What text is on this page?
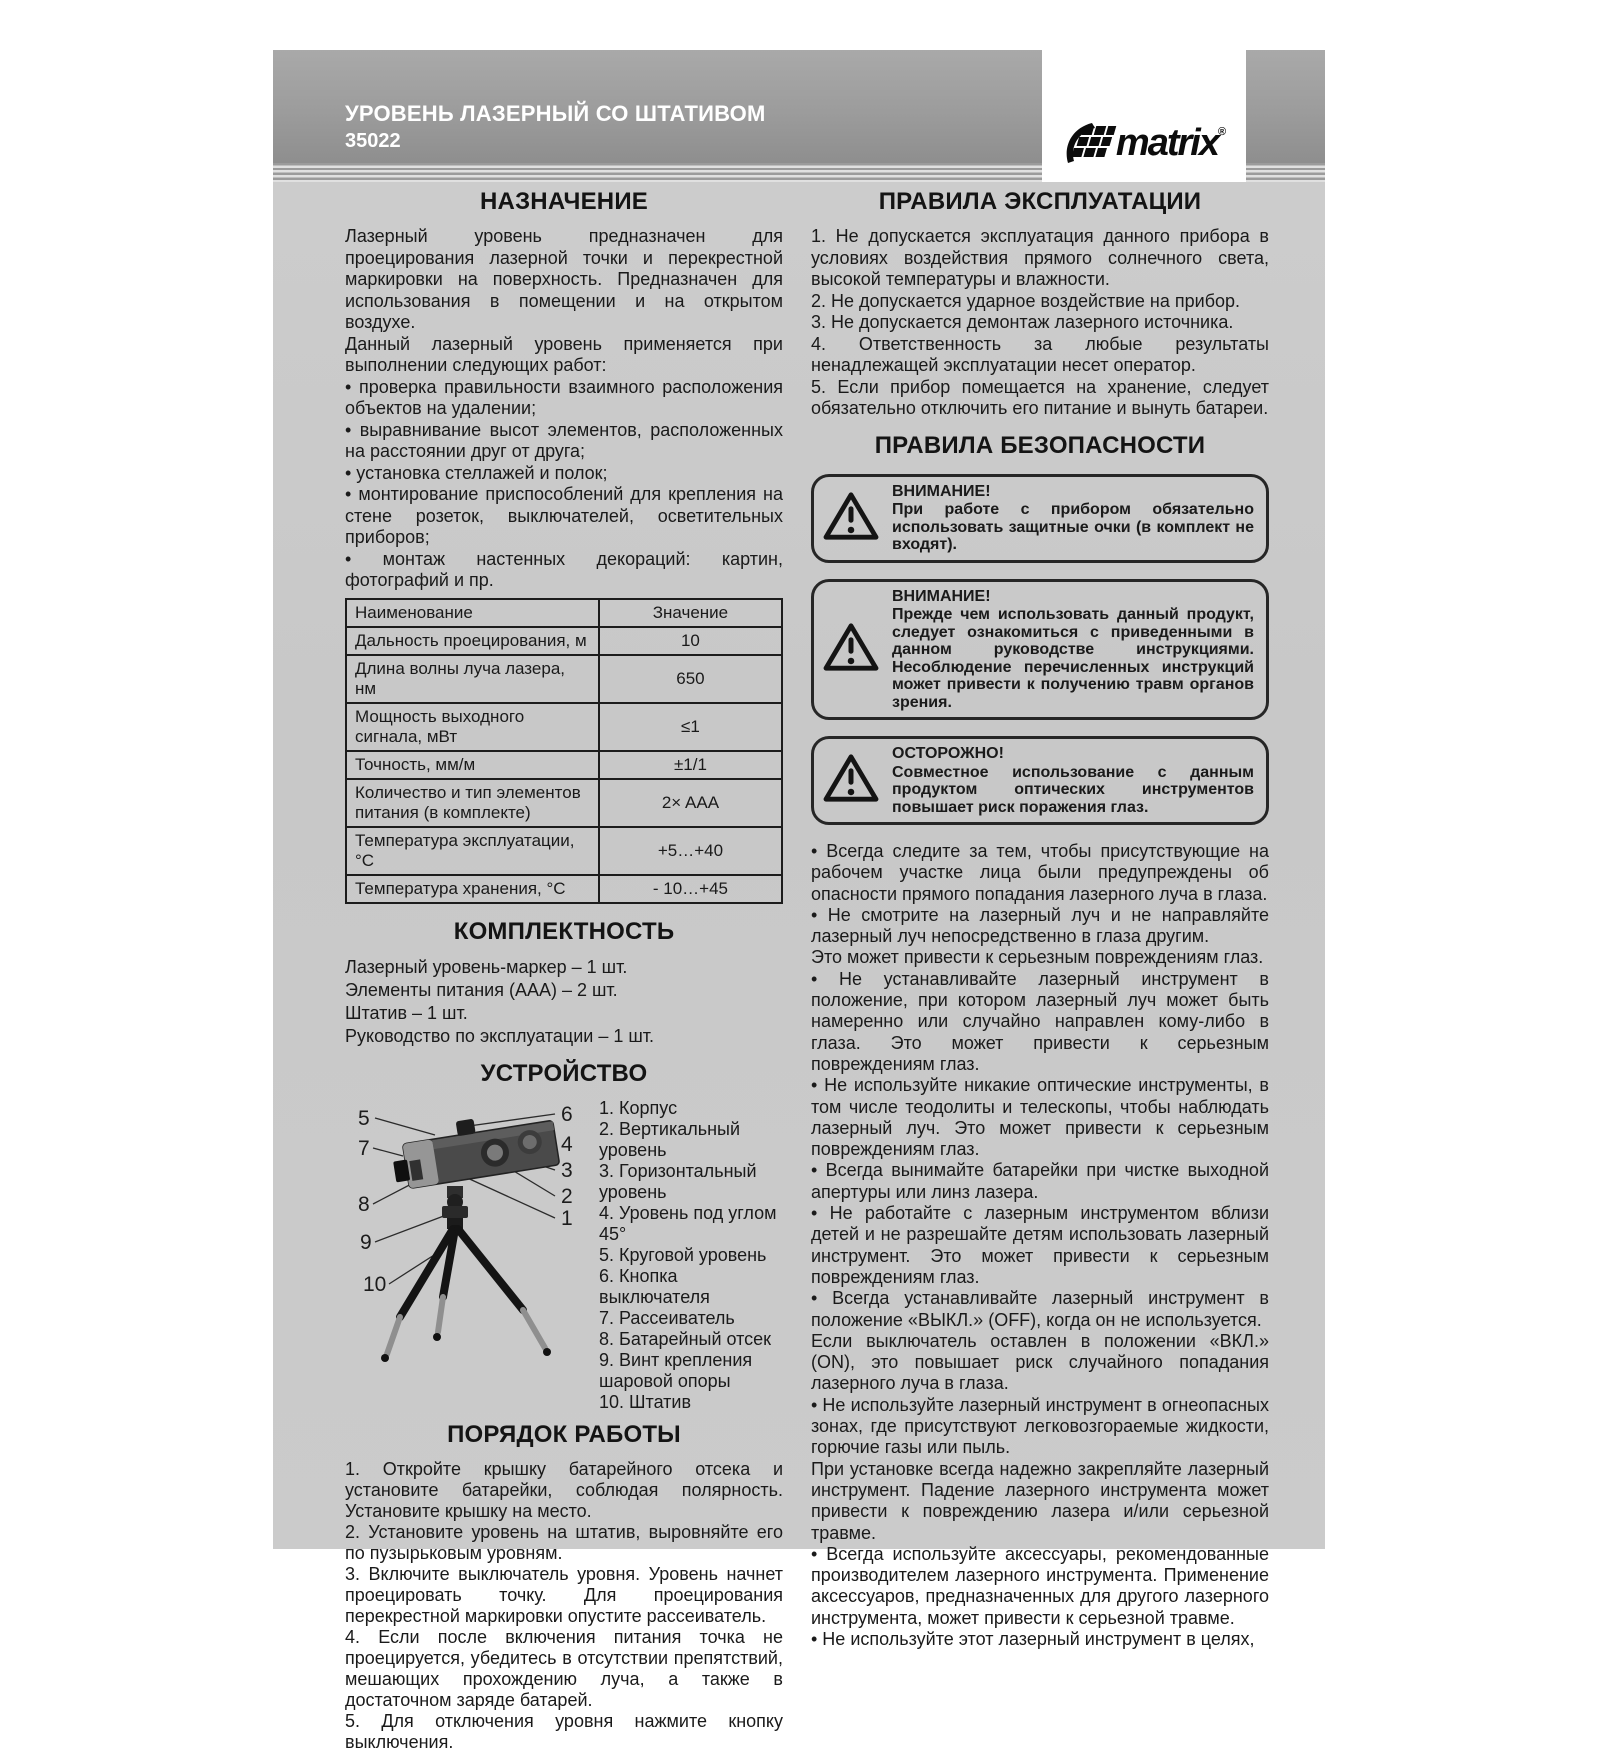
УРОВЕНЬ ЛАЗЕРНЫЙ СО ШТАТИВОМ
35022	matrix ®
НАЗНАЧЕНИЕ

Лазерный уровень предназначен для проецирования лазерной точки и перекрестной маркировки на поверхность. Предназначен для использования в помещении и на открытом воздухе.

Данный лазерный уровень применяется при выполнении следующих работ:

• проверка правильности взаимного расположения объектов на удалении;

• выравнивание высот элементов, расположенных на расстоянии друг от друга;

• установка стеллажей и полок;

• монтирование приспособлений для крепления на стене розеток, выключателей, осветительных приборов;

• монтаж настенных декораций: картин, фотографий и пр.

Наименование	Значение
Дальность проецирования, м	10
Длина волны луча лазера, нм	650
Мощность выходного сигнала, мВт	≤1
Точность, мм/м	±1/1
Количество и тип элементов питания (в комплекте)	2× AAA
Температура эксплуатации, °С	+5…+40
Температура хранения, °С	- 10…+45
КОМПЛЕКТНОСТЬ

Лазерный уровень-маркер – 1 шт.

Элементы питания (AAA) – 2 шт.

Штатив – 1 шт.

Руководство по эксплуатации – 1 шт.

УСТРОЙСТВО
5
7
8
9
10
6
4
3
2
1

1. Корпус

2. Вертикальный уровень

3. Горизонтальный уровень

4. Уровень под углом 45°

5. Круговой уровень

6. Кнопка выключателя

7. Рассеиватель

8. Батарейный отсек

9. Винт крепления шаровой опоры

10. Штатив

ПОРЯДОК РАБОТЫ

1. Откройте крышку батарейного отсека и установите батарейки, соблюдая полярность. Установите крышку на место.

2. Установите уровень на штатив, выровняйте его по пузырьковым уровням.

3. Включите выключатель уровня. Уровень начнет проецировать точку. Для проецирования перекрестной маркировки опустите рассеиватель.

4. Если после включения питания точка не проецируется, убедитесь в отсутствии препятствий, мешающих прохождению луча, а также в достаточном заряде батарей.

5. Для отключения уровня нажмите кнопку выключения.

ПРАВИЛА ЭКСПЛУАТАЦИИ

1. Не допускается эксплуатация данного прибора в условиях воздействия прямого солнечного света, высокой температуры и влажности.

2. Не допускается ударное воздействие на прибор.

3. Не допускается демонтаж лазерного источника.

4. Ответственность за любые результаты ненадлежащей эксплуатации несет оператор.

5. Если прибор помещается на хранение, следует обязательно отключить его питание и вынуть батареи.

ПРАВИЛА БЕЗОПАСНОСТИ
ВНИМАНИЕ!
При работе с прибором обязательно использовать защитные очки (в комплект не входят).
ВНИМАНИЕ!
Прежде чем использовать данный продукт, следует ознакомиться с приведенными в данном руководстве инструкциями. Несоблюдение перечисленных инструкций может привести к получению травм органов зрения.
ОСТОРОЖНО!
Совместное использование с данным продуктом оптических инструментов повышает риск поражения глаз.

• Всегда следите за тем, чтобы присутствующие на рабочем участке лица были предупреждены об опасности прямого попадания лазерного луча в глаза.

• Не смотрите на лазерный луч и не направляйте лазерный луч непосредственно в глаза другим.

Это может привести к серьезным повреждениям глаз.

• Не устанавливайте лазерный инструмент в положение, при котором лазерный луч может быть намеренно или случайно направлен кому-либо в глаза. Это может привести к серьезным повреждениям глаз.

• Не используйте никакие оптические инструменты, в том числе теодолиты и телескопы, чтобы наблюдать лазерный луч. Это может привести к серьезным повреждениям глаз.

• Всегда вынимайте батарейки при чистке выходной апертуры или линз лазера.

• Не работайте с лазерным инструментом вблизи детей и не разрешайте детям использовать лазерный инструмент. Это может привести к серьезным повреждениям глаз.

• Всегда устанавливайте лазерный инструмент в положение «ВЫКЛ.» (OFF), когда он не используется.

Если выключатель оставлен в положении «ВКЛ.» (ON), это повышает риск случайного попадания лазерного луча в глаза.

• Не используйте лазерный инструмент в огнеопасных зонах, где присутствуют легковозгораемые жидкости, горючие газы или пыль.

При установке всегда надежно закрепляйте лазерный инструмент. Падение лазерного инструмента может привести к повреждению лазера и/или серьезной травме.

• Всегда используйте аксессуары, рекомендованные производителем лазерного инструмента. Применение аксессуаров, предназначенных для другого лазерного инструмента, может привести к серьезной травме.

• Не используйте этот лазерный инструмент в целях,
